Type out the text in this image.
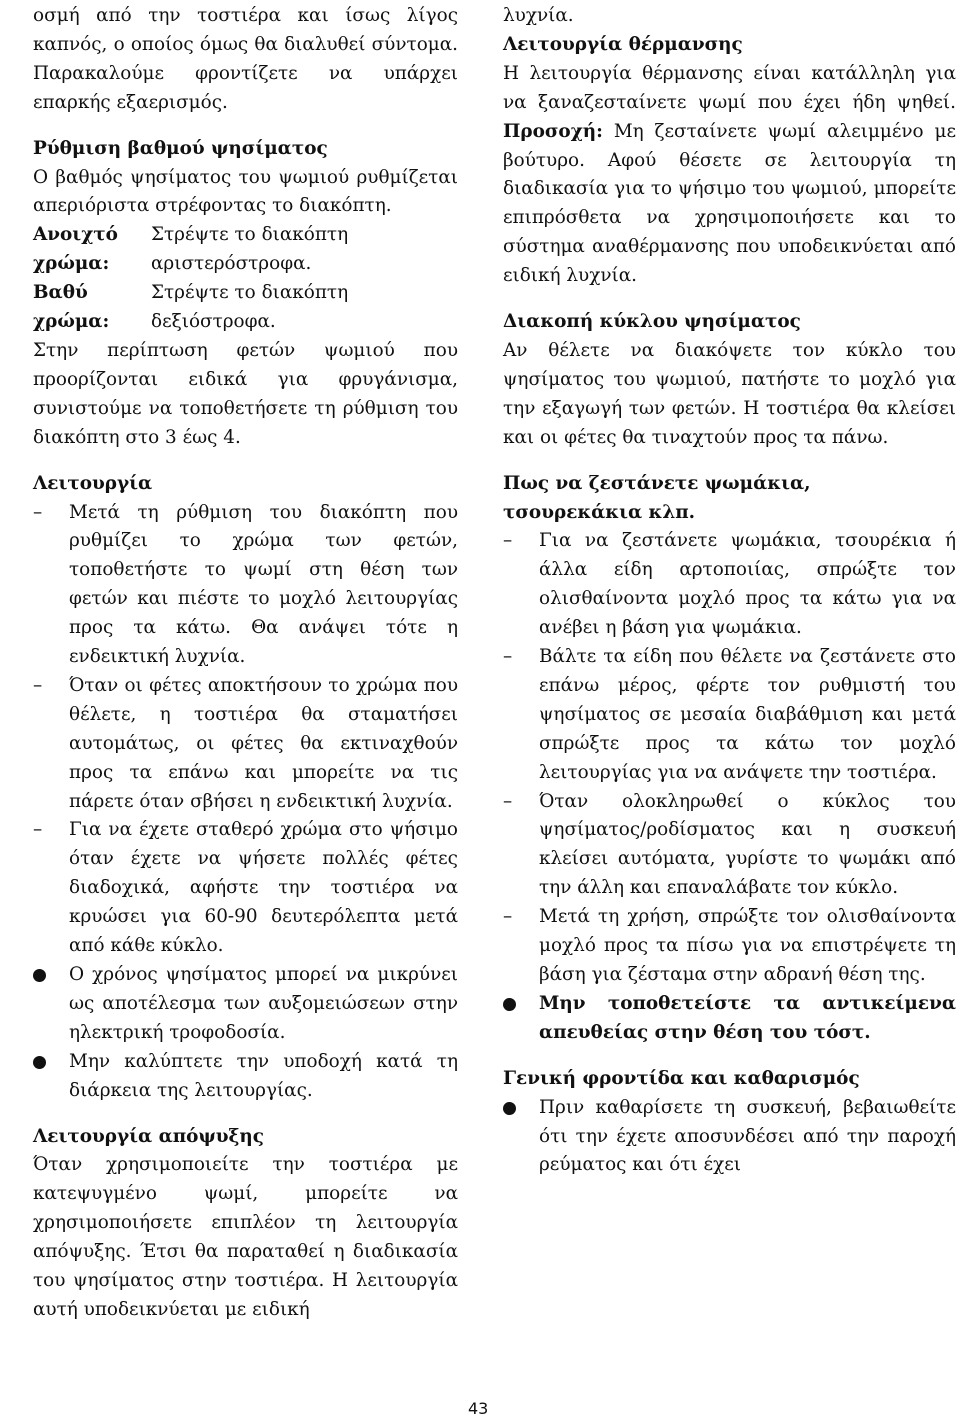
οσμή από την τοστιέρα και ίσως λίγος καπνός, ο οποίος όμως θα διαλυθεί σύντομα. Παρακαλούμε φροντίζετε να υπάρχει επαρκής εξαερισμός.

Ρύθμιση βαθμού ψησίματος

Ο βαθμός ψησίματος του ψωμιού ρυθμίζεται απεριόριστα στρέφοντας το διακόπτη.

Ανοιχτό χρώμα:
Στρέψτε το διακόπτη αριστερόστροφα.
Βαθύ χρώμα:
Στρέψτε το διακόπτη δεξιόστροφα.

Στην περίπτωση φετών ψωμιού που προορίζονται ειδικά για φρυγάνισμα, συνιστούμε να τοποθετήσετε τη ρύθμιση του διακόπτη στο 3 έως 4.

Λειτουργία
–	Μετά τη ρύθμιση του διακόπτη που ρυθμίζει το χρώμα των φετών, τοποθετήστε το ψωμί στη θέση των φετών και πιέστε το μοχλό λειτουργίας προς τα κάτω. Θα ανάψει τότε η ενδεικτική λυχνία.
–	Όταν οι φέτες αποκτήσουν το χρώμα που θέλετε, η τοστιέρα θα σταματήσει αυτομάτως, οι φέτες θα εκτιναχθούν προς τα επάνω και μπορείτε να τις πάρετε όταν σβήσει η ενδεικτική λυχνία.
–	Για να έχετε σταθερό χρώμα στο ψήσιμο όταν έχετε να ψήσετε πολλές φέτες διαδοχικά, αφήστε την τοστιέρα να κρυώσει για 60-90 δευτερόλεπτα μετά από κάθε κύκλο.
Ο χρόνος ψησίματος μπορεί να μικρύνει ως αποτέλεσμα των αυξομειώσεων στην ηλεκτρική τροφοδοσία.
Μην καλύπτετε την υποδοχή κατά τη διάρκεια της λειτουργίας.
Λειτουργία απόψυξης

Όταν χρησιμοποιείτε την τοστιέρα με κατεψυγμένο ψωμί, μπορείτε να χρησιμοποιήσετε επιπλέον τη λειτουργία απόψυξης. Έτσι θα παραταθεί η διαδικασία του ψησίματος στην τοστιέρα. Η λειτουργία αυτή υποδεικνύεται με ειδική

λυχνία.

Λειτουργία θέρμανσης

Η λειτουργία θέρμανσης είναι κατάλληλη για να ξαναζεσταίνετε ψωμί που έχει ήδη ψηθεί. Προσοχή: Μη ζεσταίνετε ψωμί αλειμμένο με βούτυρο. Αφού θέσετε σε λειτουργία τη διαδικασία για το ψήσιμο του ψωμιού, μπορείτε επιπρόσθετα να χρησιμοποιήσετε και το σύστημα αναθέρμανσης που υποδεικνύεται από ειδική λυχνία.

Διακοπή κύκλου ψησίματος

Αν θέλετε να διακόψετε τον κύκλο του ψησίματος του ψωμιού, πατήστε το μοχλό για την εξαγωγή των φετών. Η τοστιέρα θα κλείσει και οι φέτες θα τιναχτούν προς τα πάνω.

Πως να ζεστάνετε ψωμάκια, τσουρεκάκια κλπ.
–	Για να ζεστάνετε ψωμάκια, τσουρέκια ή άλλα είδη αρτοποιίας, σπρώξτε τον ολισθαίνοντα μοχλό προς τα κάτω για να ανέβει η βάση για ψωμάκια.
–	Βάλτε τα είδη που θέλετε να ζεστάνετε στο επάνω μέρος, φέρτε τον ρυθμιστή του ψησίματος σε μεσαία διαβάθμιση και μετά σπρώξτε προς τα κάτω τον μοχλό λειτουργίας για να ανάψετε την τοστιέρα.
–	Όταν ολοκληρωθεί ο κύκλος του ψησίματος/ροδίσματος και η συσκευή κλείσει αυτόματα, γυρίστε το ψωμάκι από την άλλη και επαναλάβατε τον κύκλο.
–	Μετά τη χρήση, σπρώξτε τον ολισθαίνοντα μοχλό προς τα πίσω για να επιστρέψετε τη βάση για ζέσταμα στην αδρανή θέση της.
Μην τοποθετείστε τα αντικείμενα απευθείας στην θέση του τόστ.
Γενική φροντίδα και καθαρισμός
Πριν καθαρίσετε τη συσκευή, βεβαιωθείτε ότι την έχετε αποσυνδέσει από την παροχή ρεύματος και ότι έχει
43
